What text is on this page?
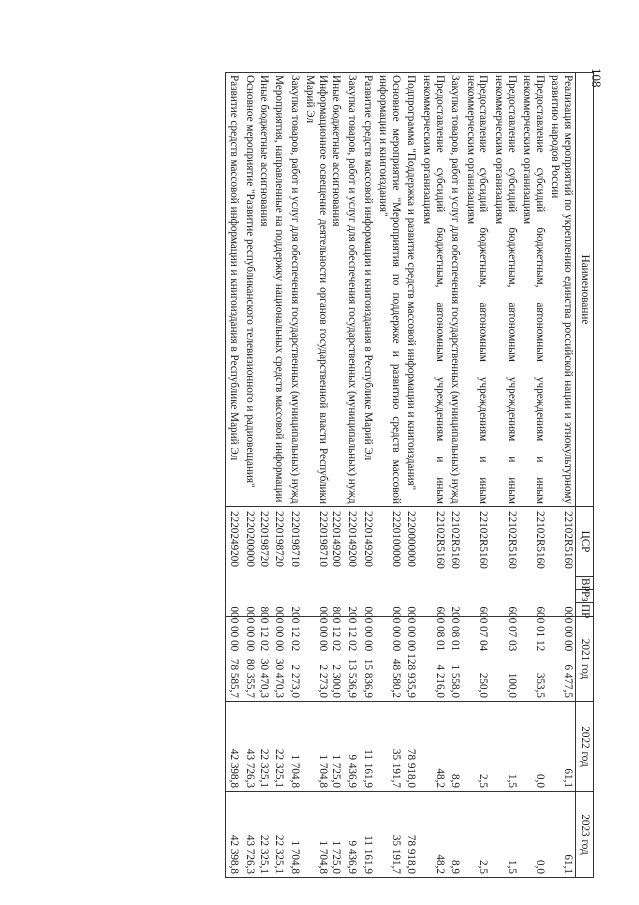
108
Наименование	ЦСР	ВР	Рз	ПР	2021 год	2022 год	2023 год
Реализация мероприятий по укреплению единства российской нации и этнокультурному развитию народов России	22102R5160			000 00 00	6 477,5	61,1	61,1
Предоставление субсидий бюджетным, автономным учреждениям и иным некоммерческим организациям	22102R5160			600 01 12	353,5	0,0	0,0
Предоставление субсидий бюджетным, автономным учреждениям и иным некоммерческим организациям	22102R5160			600 07 03	100,0	1,5	1,5
Предоставление субсидий бюджетным, автономным учреждениям и иным некоммерческим организациям	22102R5160			600 07 04	250,0	2,5	2,5
Закупка товаров, работ и услуг для обеспечения государственных (муниципальных) нужд	22102R5160			200 08 01	1 558,0	8,9	8,9
Предоставление субсидий бюджетным, автономным учреждениям и иным некоммерческим организациям	22102R5160			600 08 01	4 216,0	48,2	48,2
Подпрограмма "Поддержка и развитие средств массовой информации и книгоиздания"	2220000000			000 00 00	128 935,9	78 918,0	78 918,0
Основное мероприятие "Мероприятия по поддержке и развитию средств массовой информации и книгоиздания"	2220100000			000 00 00	48 580,2	35 191,7	35 191,7
Развитие средств массовой информации и книгоиздания в Республике Марий Эл	2220149200			000 00 00	15 836,9	11 161,9	11 161,9
Закупка товаров, работ и услуг для обеспечения государственных (муниципальных) нужд	2220149200			200 12 02	13 536,9	9 436,9	9 436,9
Иные бюджетные ассигнования	2220149200			800 12 02	2 300,0	1 725,0	1 725,0
Информационное освещение деятельности органов государственной власти Республики Марий Эл	2220198710			000 00 00	2 273,0	1 704,8	1 704,8
Закупка товаров, работ и услуг для обеспечения государственных (муниципальных) нужд	2220198710			200 12 02	2 273,0	1 704,8	1 704,8
Мероприятия, направленные на поддержку национальных средств массовой информации	2220198720			000 00 00	30 470,3	22 325,1	22 325,1
Иные бюджетные ассигнования	2220198720			800 12 02	30 470,3	22 325,1	22 325,1
Основное мероприятие "Развитие республиканского телевизионного и радиовещания"	2220200000			000 00 00	80 355,7	43 726,3	43 726,3
Развитие средств массовой информации и книгоиздания в Республике Марий Эл	2220249200			000 00 00	78 585,7	42 398,8	42 398,8
